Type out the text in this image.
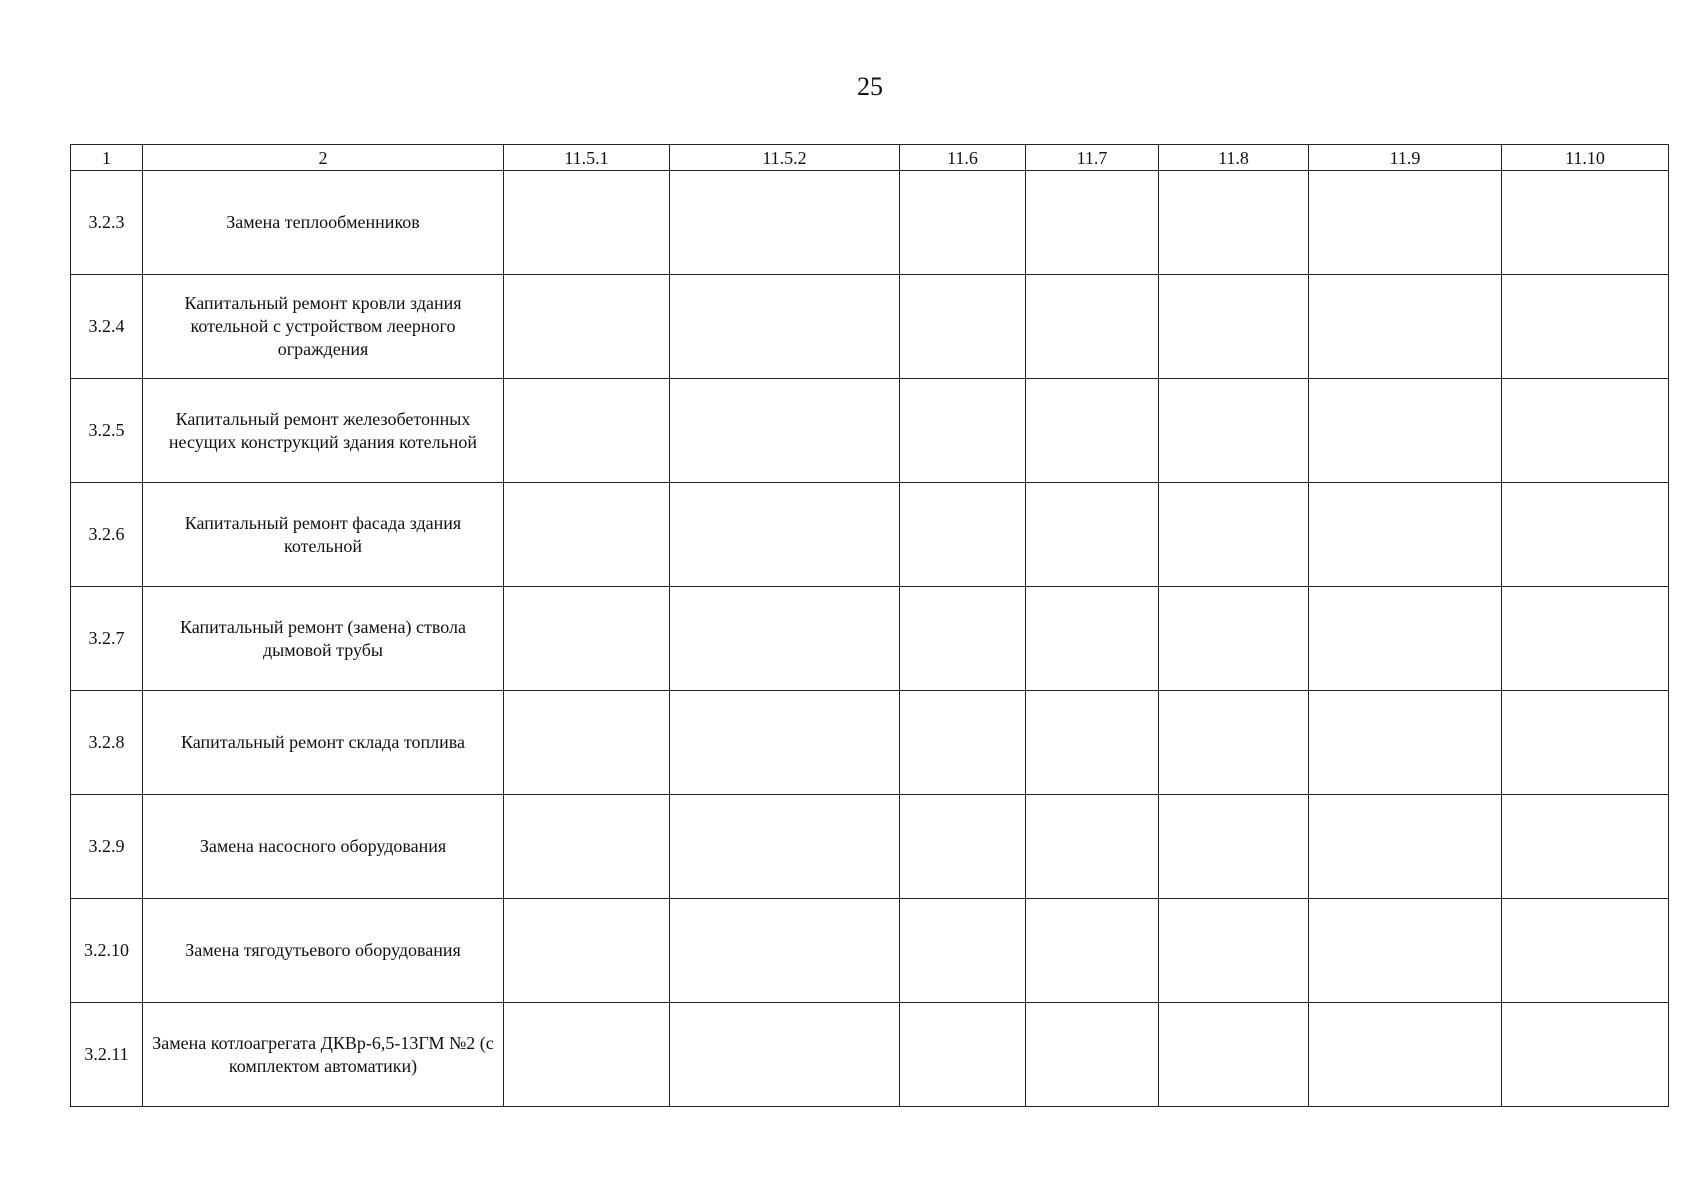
25
1	2	11.5.1	11.5.2	11.6	11.7	11.8	11.9	11.10
3.2.3	Замена теплообменников							
3.2.4	Капитальный ремонт кровли здания котельной с устройством леерного ограждения							
3.2.5	Капитальный ремонт железобетонных несущих конструкций здания котельной							
3.2.6	Капитальный ремонт фасада здания котельной							
3.2.7	Капитальный ремонт (замена) ствола дымовой трубы							
3.2.8	Капитальный ремонт склада топлива							
3.2.9	Замена насосного оборудования							
3.2.10	Замена тягодутьевого оборудования							
3.2.11	Замена котлоагрегата ДКВр-6,5-13ГМ №2 (с комплектом автоматики)							
